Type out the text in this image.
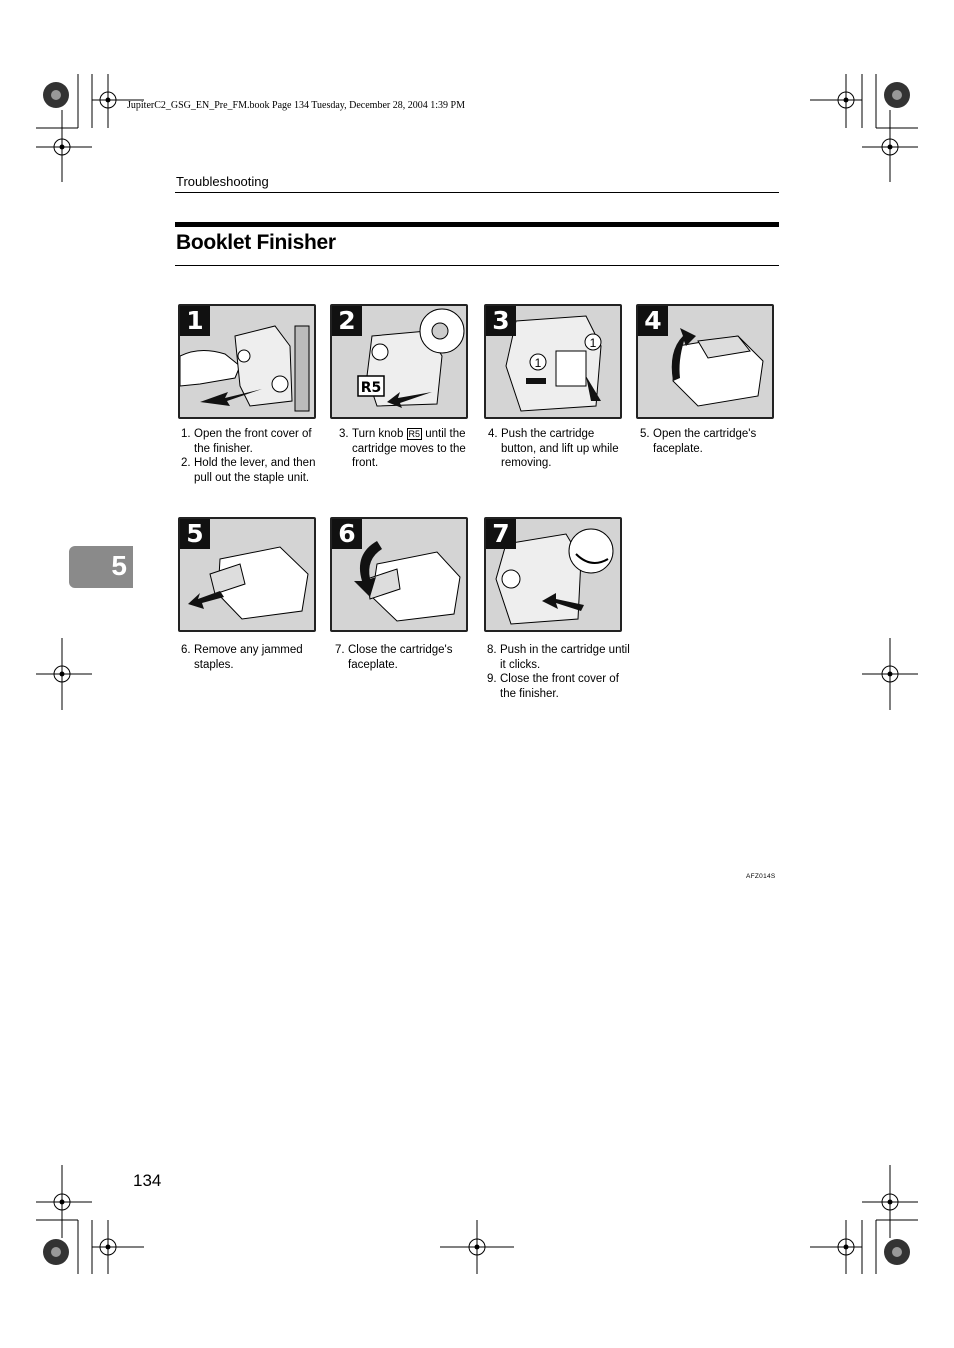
JupiterC2_GSG_EN_Pre_FM.book Page 134 Tuesday, December 28, 2004 1:39 PM
Troubleshooting
Booklet Finisher
5
1
R5
2
1
1
3	4
1. Open the front cover of the finisher.
2. Hold the lever, and then pull out the staple unit.
3. Turn knob R5 until the cartridge moves to the front.
4. Push the cartridge button, and lift up while removing.
5. Open the cartridge's faceplate.
5	6	7
6. Remove any jammed staples.
7. Close the cartridge's faceplate.
8. Push in the cartridge until it clicks.
9. Close the front cover of the finisher.
AFZ014S
134
